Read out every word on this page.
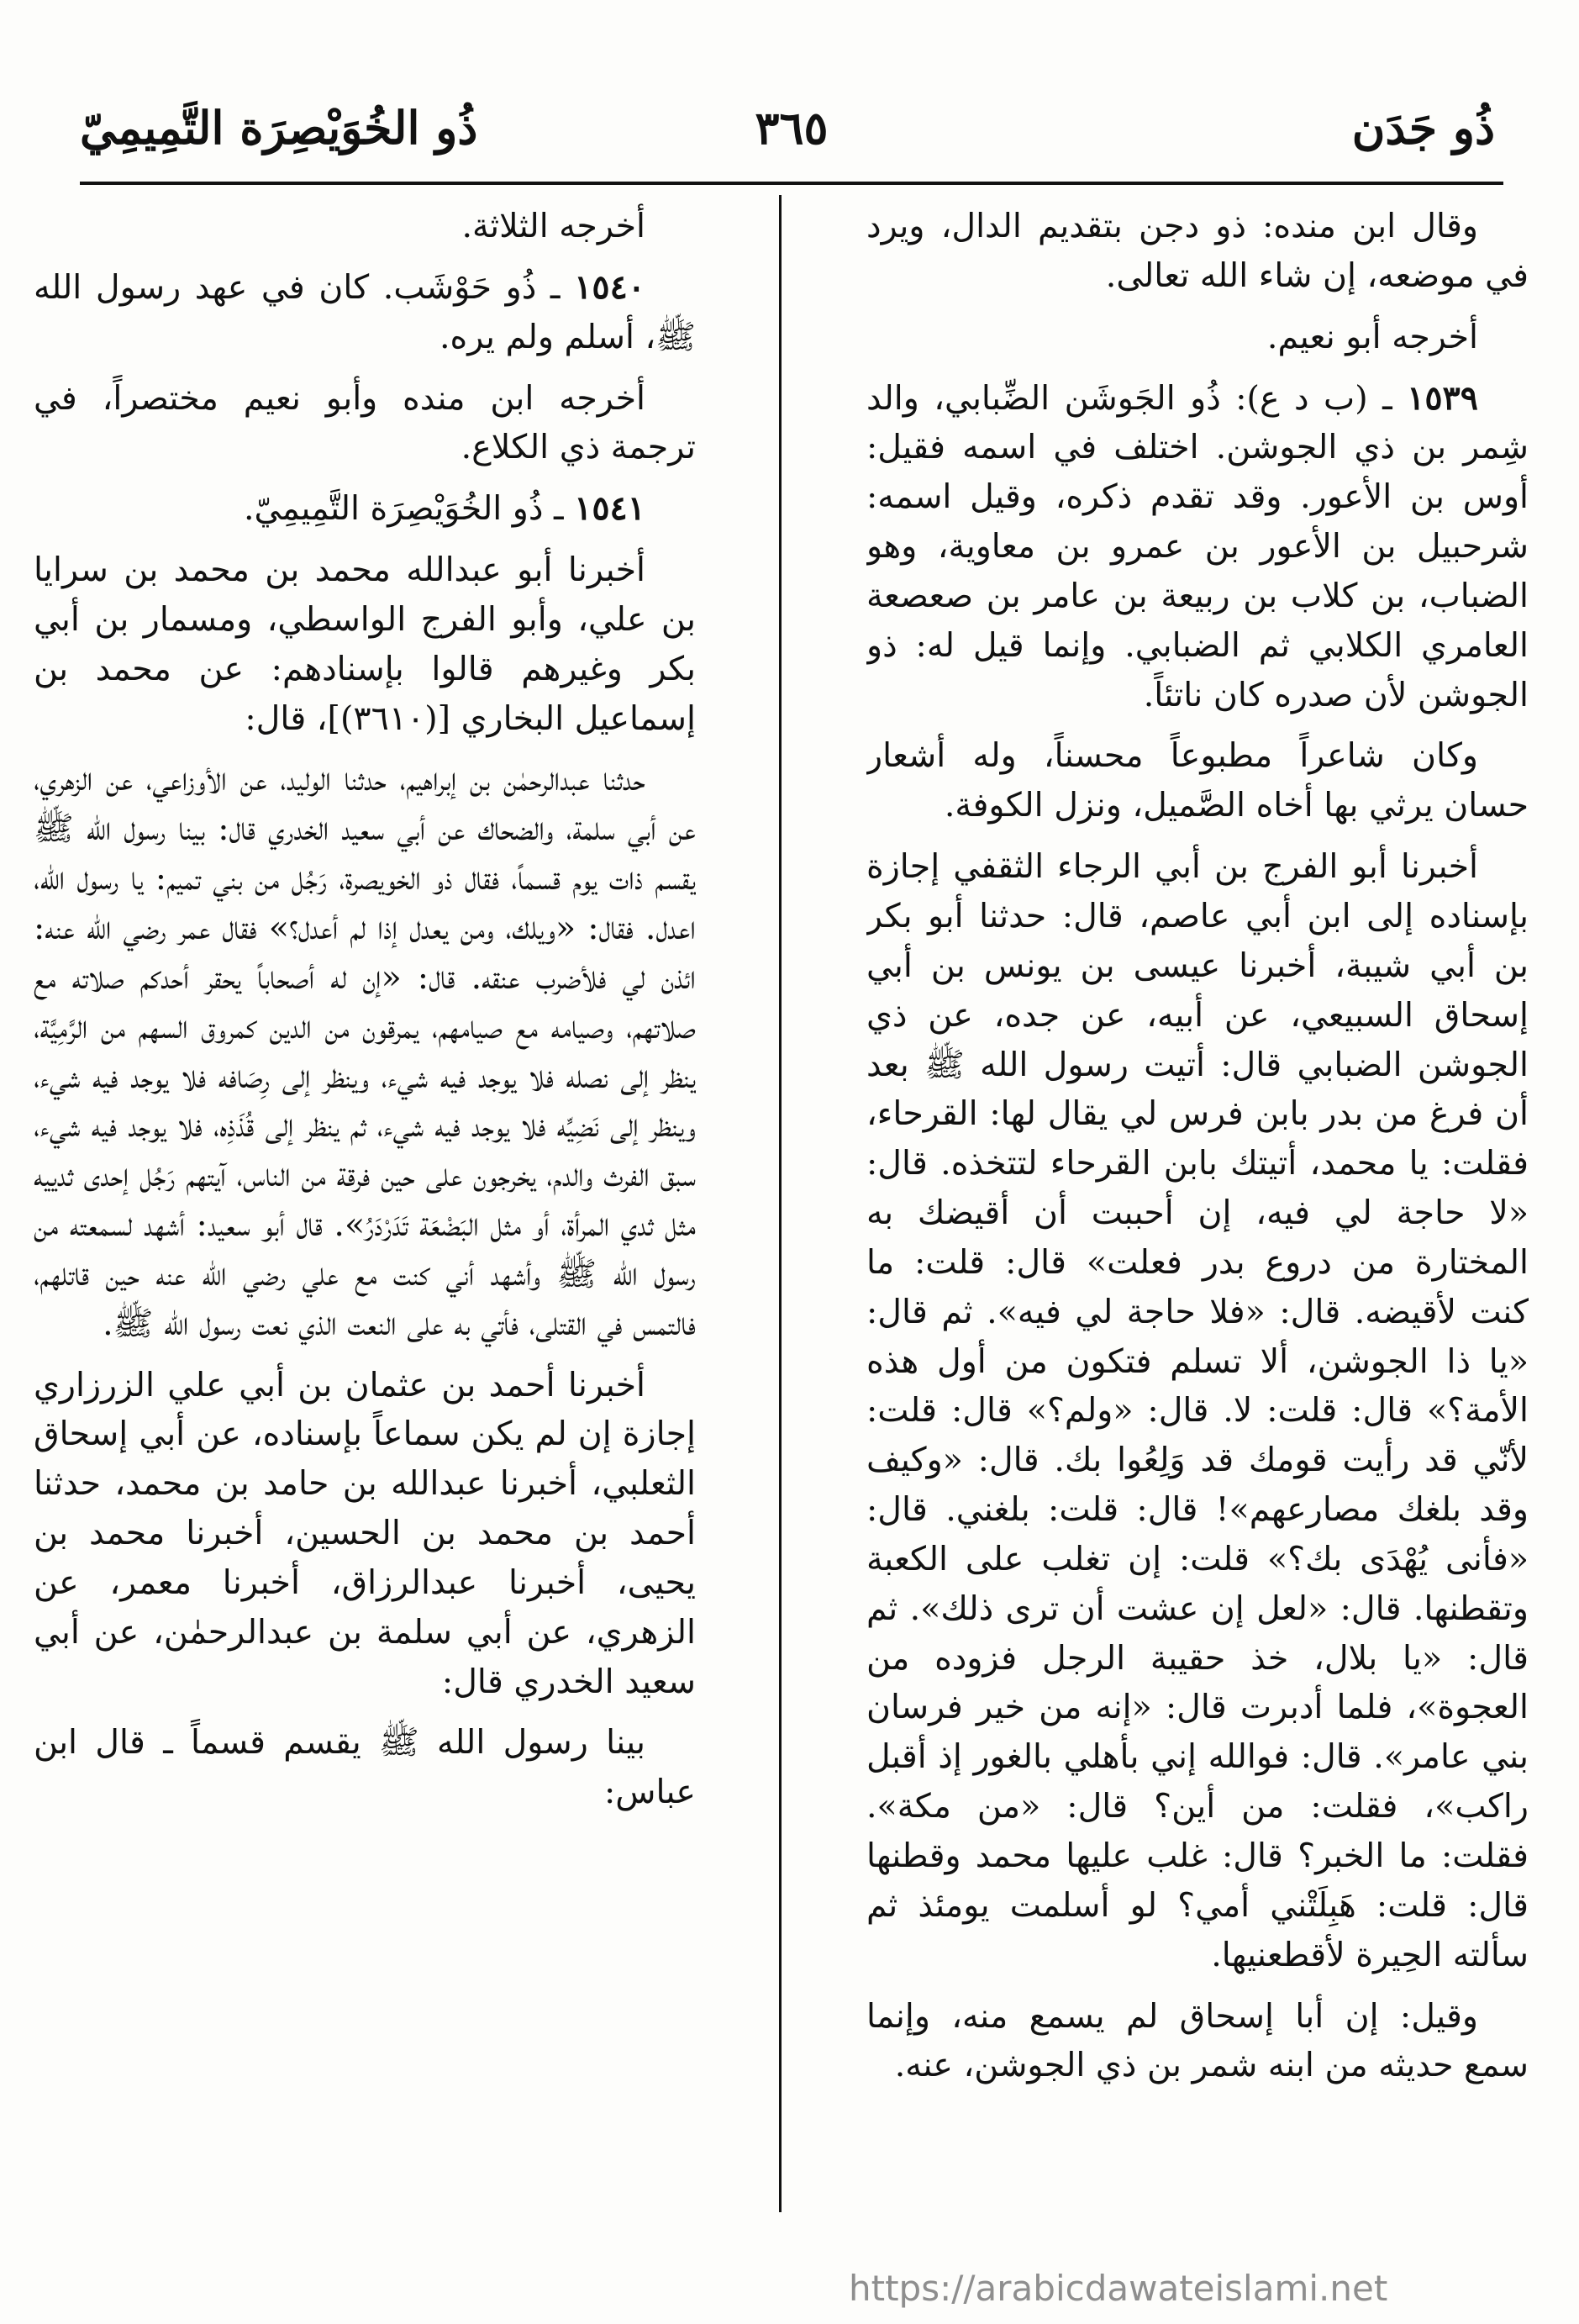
ذُو جَدَن
٣٦٥
ذُو الخُوَيْصِرَة التَّمِيمِيّ

وقال ابن منده: ذو دجن بتقديم الدال، ويرد في موضعه، إن شاء الله تعالى.

أخرجه أبو نعيم.

١٥٣٩ ـ (ب د ع): ذُو الجَوشَن الضِّبابي، والد شِمر بن ذي الجوشن. اختلف في اسمه فقيل: أوس بن الأعور. وقد تقدم ذكره، وقيل اسمه: شرحبيل بن الأعور بن عمرو بن معاوية، وهو الضباب، بن كلاب بن ربيعة بن عامر بن صعصعة العامري الكلابي ثم الضبابي. وإنما قيل له: ذو الجوشن لأن صدره كان ناتئاً.

وكان شاعراً مطبوعاً محسناً، وله أشعار حسان يرثي بها أخاه الصَّميل، ونزل الكوفة.

أخبرنا أبو الفرج بن أبي الرجاء الثقفي إجازة بإسناده إلى ابن أبي عاصم، قال: حدثنا أبو بكر بن أبي شيبة، أخبرنا عيسى بن يونس بن أبي إسحاق السبيعي، عن أبيه، عن جده، عن ذي الجوشن الضبابي قال: أتيت رسول الله ﷺ بعد أن فرغ من بدر بابن فرس لي يقال لها: القرحاء، فقلت: يا محمد، أتيتك بابن القرحاء لتتخذه. قال: «لا حاجة لي فيه، إن أحببت أن أقيضك به المختارة من دروع بدر فعلت» قال: قلت: ما كنت لأقيضه. قال: «فلا حاجة لي فيه». ثم قال: «يا ذا الجوشن، ألا تسلم فتكون من أول هذه الأمة؟» قال: قلت: لا. قال: «ولم؟» قال: قلت: لأنّي قد رأيت قومك قد وَلِعُوا بك. قال: «وكيف وقد بلغك مصارعهم»! قال: قلت: بلغني. قال: «فأنى يُهْدَى بك؟» قلت: إن تغلب على الكعبة وتقطنها. قال: «لعل إن عشت أن ترى ذلك». ثم قال: «يا بلال، خذ حقيبة الرجل فزوده من العجوة»، فلما أدبرت قال: «إنه من خير فرسان بني عامر». قال: فوالله إني بأهلي بالغور إذ أقبل راكب»، فقلت: من أين؟ قال: «من مكة». فقلت: ما الخبر؟ قال: غلب عليها محمد وقطنها قال: قلت: هَبِلَتْني أمي؟ لو أسلمت يومئذ ثم سألته الحِيرة لأقطعنيها.

وقيل: إن أبا إسحاق لم يسمع منه، وإنما سمع حديثه من ابنه شمر بن ذي الجوشن، عنه.

أخرجه الثلاثة.

١٥٤٠ ـ ذُو حَوْشَب. كان في عهد رسول الله ﷺ، أسلم ولم يره.

أخرجه ابن منده وأبو نعيم مختصراً، في ترجمة ذي الكلاع.

١٥٤١ ـ ذُو الخُوَيْصِرَة التَّمِيمِيّ.

أخبرنا أبو عبدالله محمد بن محمد بن سرايا بن علي، وأبو الفرج الواسطي، ومسمار بن أبي بكر وغيرهم قالوا بإسنادهم: عن محمد بن إسماعيل البخاري [(٣٦١٠)]، قال:

حدثنا عبدالرحمٰن بن إبراهيم، حدثنا الوليد، عن الأوزاعي، عن الزهري، عن أبي سلمة، والضحاك عن أبي سعيد الخدري قال: بينا رسول الله ﷺ يقسم ذات يوم قسماً، فقال ذو الخويصرة، رَجُل من بني تميم: يا رسول الله، اعدل. فقال: «ويلك، ومن يعدل إذا لم أعدل؟» فقال عمر رضي الله عنه: ائذن لي فلأضرب عنقه. قال: «إن له أصحاباً يحقر أحدكم صلاته مع صلاتهم، وصيامه مع صيامهم، يمرقون من الدين كمروق السهم من الرَّمِيَّة، ينظر إلى نصله فلا يوجد فيه شيء، وينظر إلى رِصَافه فلا يوجد فيه شيء، وينظر إلى نَضِيِّه فلا يوجد فيه شيء، ثم ينظر إلى قُذَذِه، فلا يوجد فيه شيء، سبق الفرث والدم، يخرجون على حين فرقة من الناس، آيتهم رَجُل إحدى ثدييه مثل ثدي المرأة، أو مثل البَضْعَة تَدَرْدَرُ». قال أبو سعيد: أشهد لسمعته من رسول الله ﷺ وأشهد أني كنت مع علي رضي الله عنه حين قاتلهم، فالتمس في القتلى، فأتي به على النعت الذي نعت رسول الله ﷺ.

أخبرنا أحمد بن عثمان بن أبي علي الزرزاري إجازة إن لم يكن سماعاً بإسناده، عن أبي إسحاق الثعلبي، أخبرنا عبدالله بن حامد بن محمد، حدثنا أحمد بن محمد بن الحسين، أخبرنا محمد بن يحيى، أخبرنا عبدالرزاق، أخبرنا معمر، عن الزهري، عن أبي سلمة بن عبدالرحمٰن، عن أبي سعيد الخدري قال:

بينا رسول الله ﷺ يقسم قسماً ـ قال ابن عباس:

https://arabicdawateislami.net
